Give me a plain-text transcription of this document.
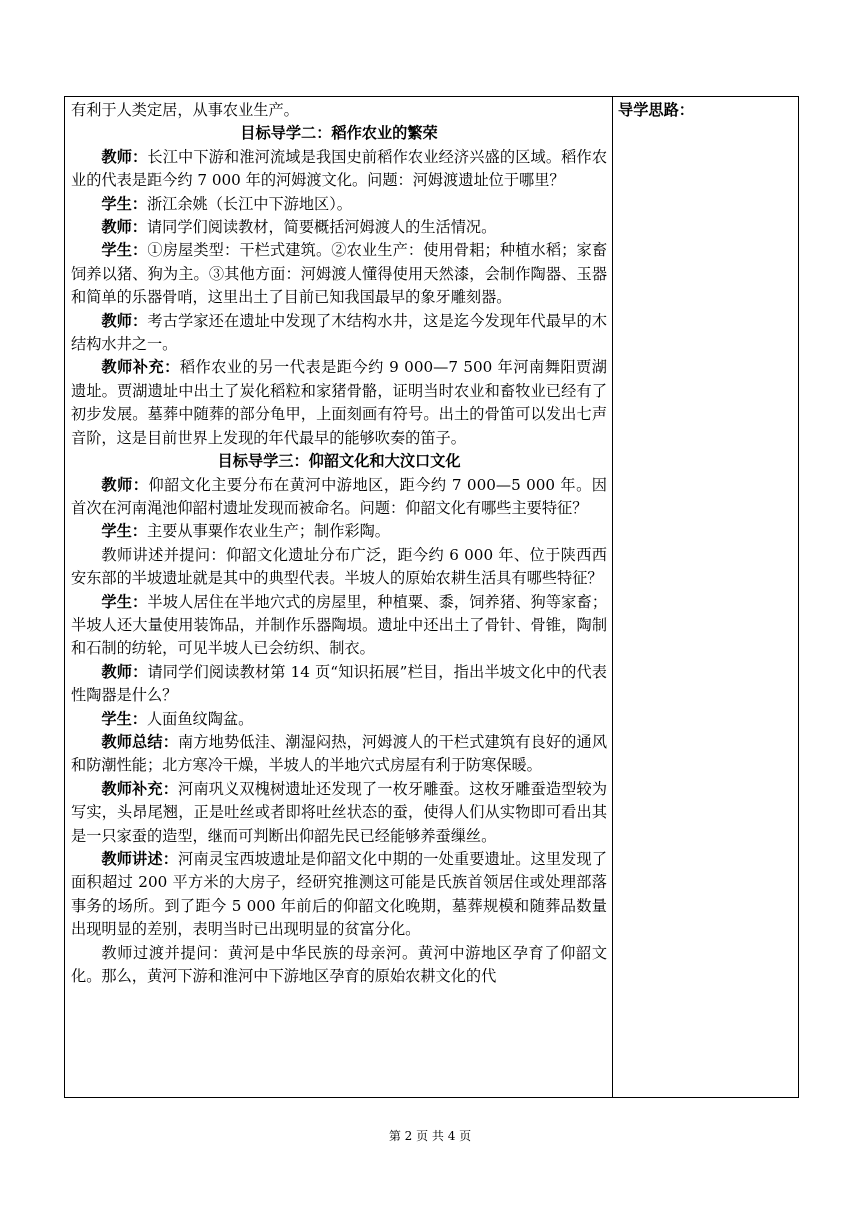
有利于人类定居，从事农业生产。

目标导学二：稻作农业的繁荣

教师：长江中下游和淮河流域是我国史前稻作农业经济兴盛的区域。稻作农业的代表是距今约 7 000 年的河姆渡文化。问题：河姆渡遗址位于哪里？

学生：浙江余姚（长江中下游地区）。

教师：请同学们阅读教材，简要概括河姆渡人的生活情况。

学生：①房屋类型：干栏式建筑。②农业生产：使用骨耜；种植水稻；家畜饲养以猪、狗为主。③其他方面：河姆渡人懂得使用天然漆，会制作陶器、玉器和简单的乐器骨哨，这里出土了目前已知我国最早的象牙雕刻器。

教师：考古学家还在遗址中发现了木结构水井，这是迄今发现年代最早的木结构水井之一。

教师补充：稻作农业的另一代表是距今约 9 000—7 500 年河南舞阳贾湖遗址。贾湖遗址中出土了炭化稻粒和家猪骨骼，证明当时农业和畜牧业已经有了初步发展。墓葬中随葬的部分龟甲，上面刻画有符号。出土的骨笛可以发出七声音阶，这是目前世界上发现的年代最早的能够吹奏的笛子。

目标导学三：仰韶文化和大汶口文化

教师：仰韶文化主要分布在黄河中游地区，距今约 7 000—5 000 年。因首次在河南渑池仰韶村遗址发现而被命名。问题：仰韶文化有哪些主要特征？

学生：主要从事粟作农业生产；制作彩陶。

教师讲述并提问：仰韶文化遗址分布广泛，距今约 6 000 年、位于陕西西安东部的半坡遗址就是其中的典型代表。半坡人的原始农耕生活具有哪些特征？

学生：半坡人居住在半地穴式的房屋里，种植粟、黍，饲养猪、狗等家畜；半坡人还大量使用装饰品，并制作乐器陶埙。遗址中还出土了骨针、骨锥，陶制和石制的纺轮，可见半坡人已会纺织、制衣。

教师：请同学们阅读教材第 14 页“知识拓展”栏目，指出半坡文化中的代表性陶器是什么？

学生：人面鱼纹陶盆。

教师总结：南方地势低洼、潮湿闷热，河姆渡人的干栏式建筑有良好的通风和防潮性能；北方寒冷干燥，半坡人的半地穴式房屋有利于防寒保暖。

教师补充：河南巩义双槐树遗址还发现了一枚牙雕蚕。这枚牙雕蚕造型较为写实，头昂尾翘，正是吐丝或者即将吐丝状态的蚕，使得人们从实物即可看出其是一只家蚕的造型，继而可判断出仰韶先民已经能够养蚕缫丝。

教师讲述：河南灵宝西坡遗址是仰韶文化中期的一处重要遗址。这里发现了面积超过 200 平方米的大房子，经研究推测这可能是氏族首领居住或处理部落事务的场所。到了距今 5 000 年前后的仰韶文化晚期，墓葬规模和随葬品数量出现明显的差别，表明当时已出现明显的贫富分化。

教师过渡并提问：黄河是中华民族的母亲河。黄河中游地区孕育了仰韶文化。那么，黄河下游和淮河中下游地区孕育的原始农耕文化的代

导学思路：
第 2 页 共 4 页
